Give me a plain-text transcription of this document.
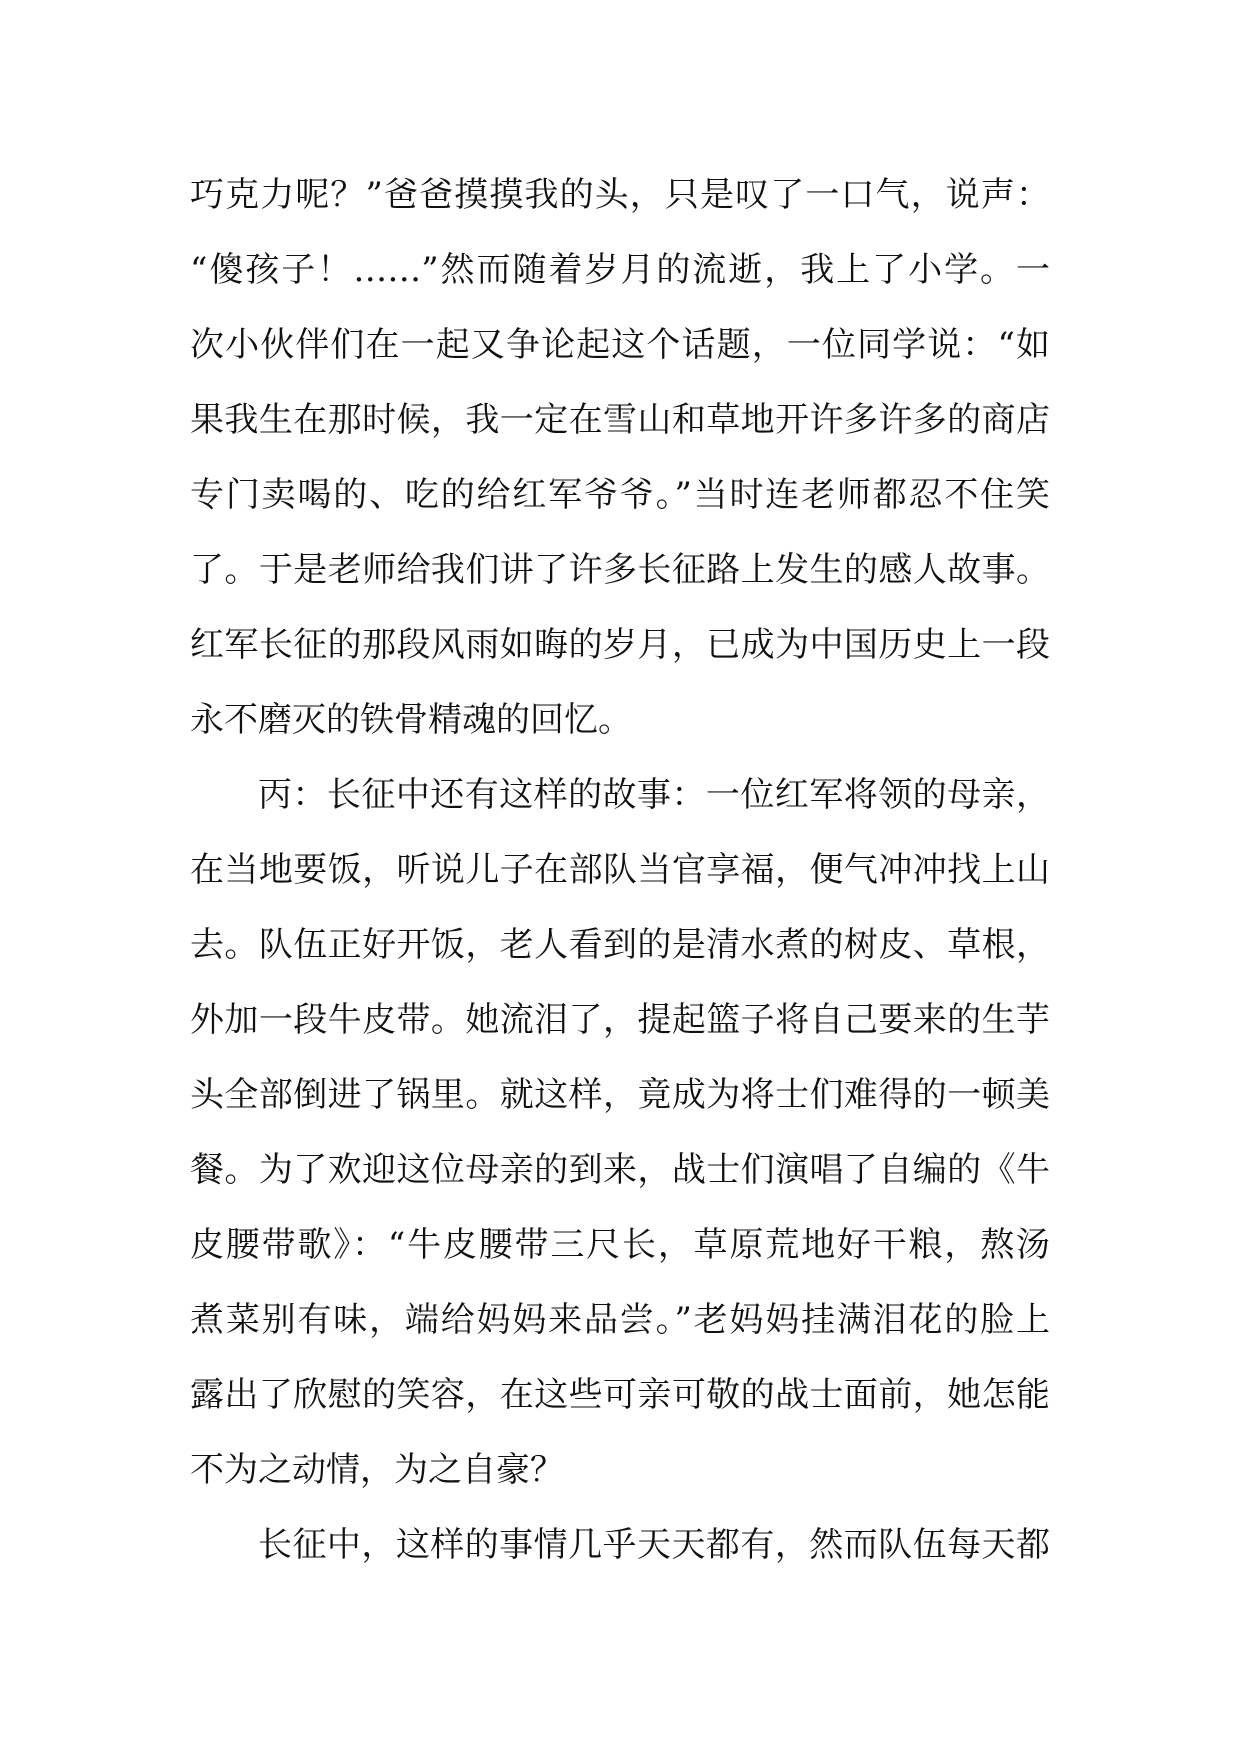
巧克力呢？”爸爸摸摸我的头，只是叹了一口气，说声：
“傻孩子！……”然而随着岁月的流逝，我上了小学。一
次小伙伴们在一起又争论起这个话题，一位同学说：“如
果我生在那时候，我一定在雪山和草地开许多许多的商店
专门卖喝的、吃的给红军爷爷。”当时连老师都忍不住笑
了。于是老师给我们讲了许多长征路上发生的感人故事。
红军长征的那段风雨如晦的岁月，已成为中国历史上一段
永不磨灭的铁骨精魂的回忆。
丙：长征中还有这样的故事：一位红军将领的母亲，
在当地要饭，听说儿子在部队当官享福，便气冲冲找上山
去。队伍正好开饭，老人看到的是清水煮的树皮、草根，
外加一段牛皮带。她流泪了，提起篮子将自己要来的生芋
头全部倒进了锅里。就这样，竟成为将士们难得的一顿美
餐。为了欢迎这位母亲的到来，战士们演唱了自编的《牛
皮腰带歌》：“牛皮腰带三尺长，草原荒地好干粮，熬汤
煮菜别有味，端给妈妈来品尝。”老妈妈挂满泪花的脸上
露出了欣慰的笑容，在这些可亲可敬的战士面前，她怎能
不为之动情，为之自豪？
长征中，这样的事情几乎天天都有，然而队伍每天都
